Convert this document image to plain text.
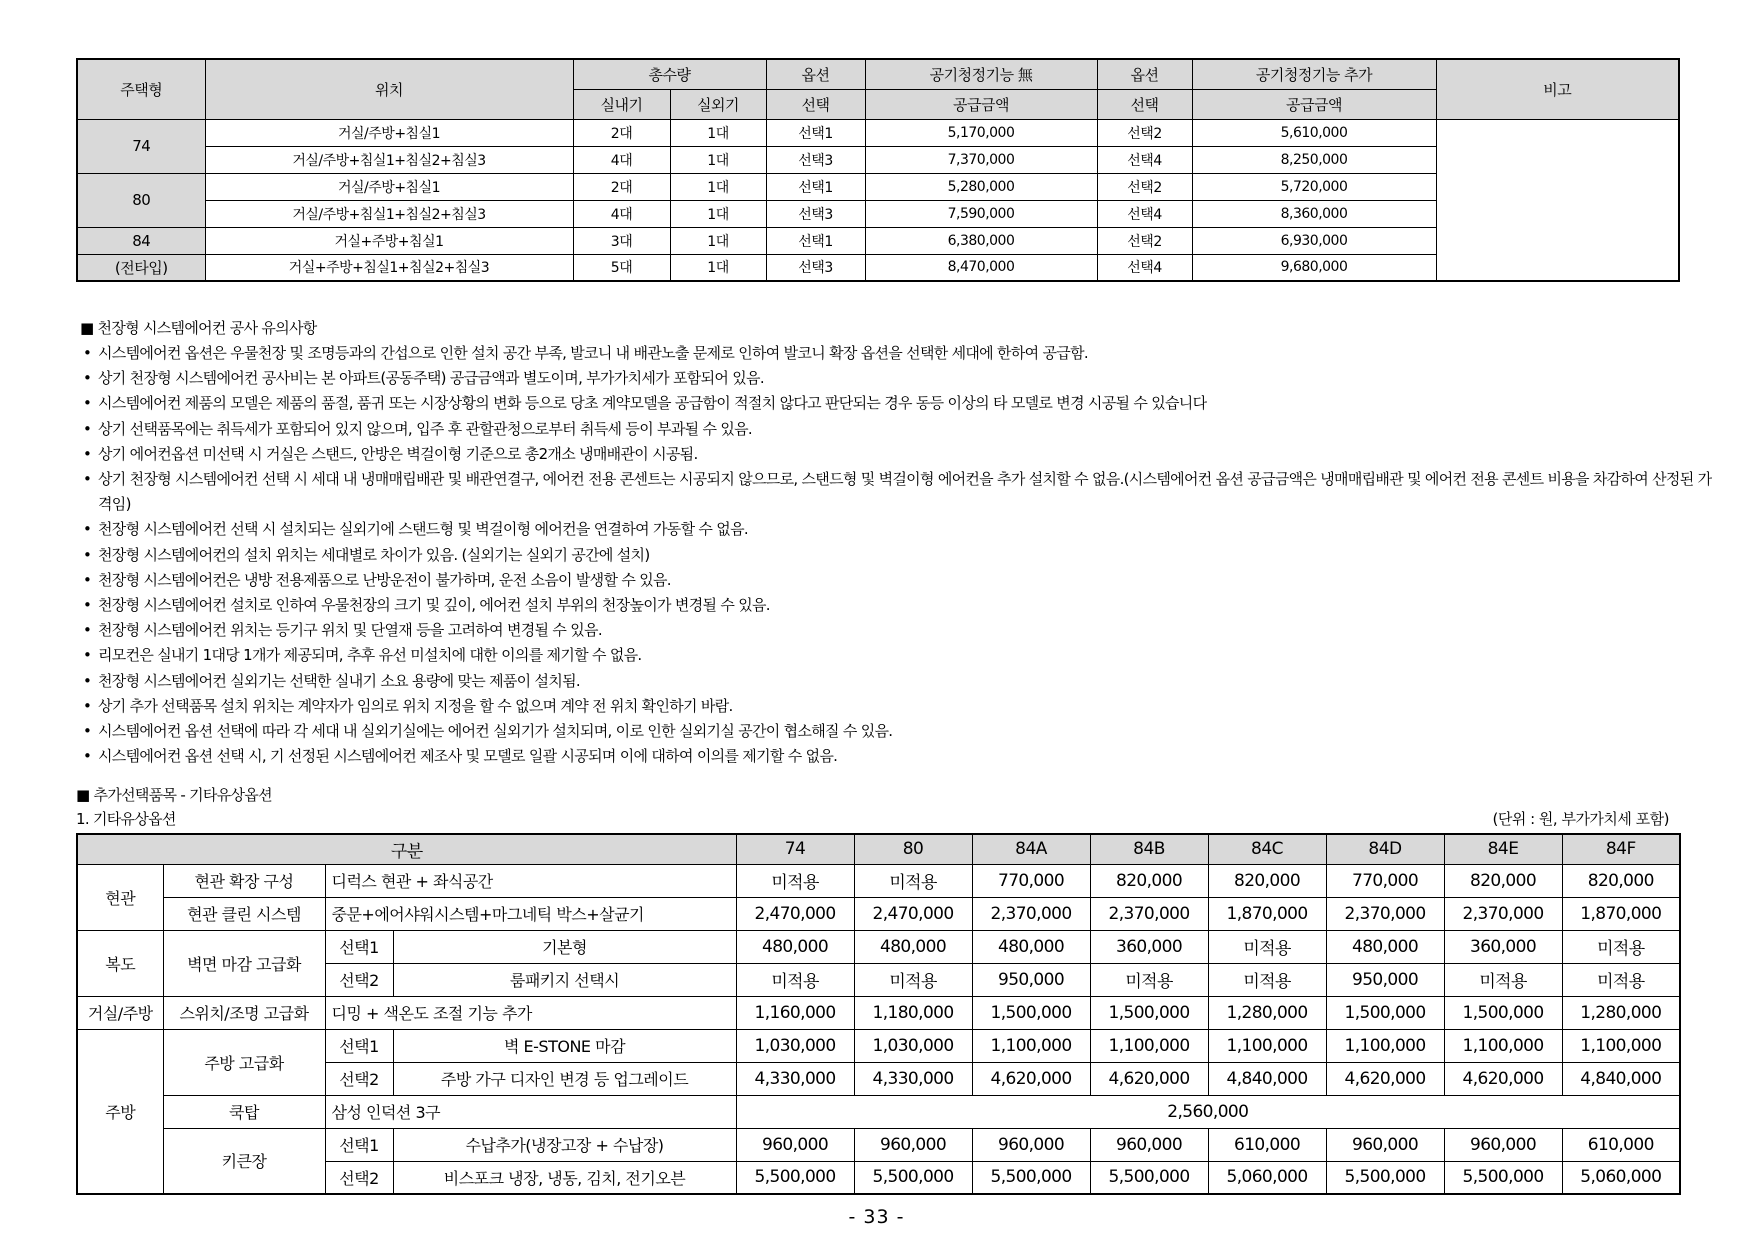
주택형	위치	총수량		옵션	공기청정기능 無	옵션	공기청정기능 추가	비고
		실내기	실외기	선택	공급금액	선택	공급금액	
74	거실/주방+침실1	2대	1대	선택1	5,170,000	선택2	5,610,000	
	거실/주방+침실1+침실2+침실3	4대	1대	선택3	7,370,000	선택4	8,250,000	
80	거실/주방+침실1	2대	1대	선택1	5,280,000	선택2	5,720,000	
	거실/주방+침실1+침실2+침실3	4대	1대	선택3	7,590,000	선택4	8,360,000	
84	거실+주방+침실1	3대	1대	선택1	6,380,000	선택2	6,930,000	
(전타입)	거실+주방+침실1+침실2+침실3	5대	1대	선택3	8,470,000	선택4	9,680,000	
■ 천장형 시스템에어컨 공사 유의사항
• 시스템에어컨 옵션은 우물천장 및 조명등과의 간섭으로 인한 설치 공간 부족, 발코니 내 배관노출 문제로 인하여 발코니 확장 옵션을 선택한 세대에 한하여 공급함.
• 상기 천장형 시스템에어컨 공사비는 본 아파트(공동주택) 공급금액과 별도이며, 부가가치세가 포함되어 있음.
• 시스템에어컨 제품의 모델은 제품의 품절, 품귀 또는 시장상황의 변화 등으로 당초 계약모델을 공급함이 적절치 않다고 판단되는 경우 동등 이상의 타 모델로 변경 시공될 수 있습니다
• 상기 선택품목에는 취득세가 포함되어 있지 않으며, 입주 후 관할관청으로부터 취득세 등이 부과될 수 있음.
• 상기 에어컨옵션 미선택 시 거실은 스탠드, 안방은 벽걸이형 기준으로 총2개소 냉매배관이 시공됨.
• 상기 천장형 시스템에어컨 선택 시 세대 내 냉매매립배관 및 배관연결구, 에어컨 전용 콘센트는 시공되지 않으므로, 스탠드형 및 벽걸이형 에어컨을 추가 설치할 수 없음.(시스템에어컨 옵션 공급금액은 냉매매립배관 및 에어컨 전용 콘센트 비용을 차감하여 산정된 가격임)
• 천장형 시스템에어컨 선택 시 설치되는 실외기에 스탠드형 및 벽걸이형 에어컨을 연결하여 가동할 수 없음.
• 천장형 시스템에어컨의 설치 위치는 세대별로 차이가 있음. (실외기는 실외기 공간에 설치)
• 천장형 시스템에어컨은 냉방 전용제품으로 난방운전이 불가하며, 운전 소음이 발생할 수 있음.
• 천장형 시스템에어컨 설치로 인하여 우물천장의 크기 및 깊이, 에어컨 설치 부위의 천장높이가 변경될 수 있음.
• 천장형 시스템에어컨 위치는 등기구 위치 및 단열재 등을 고려하여 변경될 수 있음.
• 리모컨은 실내기 1대당 1개가 제공되며, 추후 유선 미설치에 대한 이의를 제기할 수 없음.
• 천장형 시스템에어컨 실외기는 선택한 실내기 소요 용량에 맞는 제품이 설치됨.
• 상기 추가 선택품목 설치 위치는 계약자가 임의로 위치 지정을 할 수 없으며 계약 전 위치 확인하기 바람.
• 시스템에어컨 옵션 선택에 따라 각 세대 내 실외기실에는 에어컨 실외기가 설치되며, 이로 인한 실외기실 공간이 협소해질 수 있음.
• 시스템에어컨 옵션 선택 시, 기 선정된 시스템에어컨 제조사 및 모델로 일괄 시공되며 이에 대하여 이의를 제기할 수 없음.
■ 추가선택품목 - 기타유상옵션
1. 기타유상옵션	(단위 : 원, 부가가치세 포함)
구분				74	80	84A	84B	84C	84D	84E	84F
현관	현관 확장 구성	디럭스 현관 + 좌식공간		미적용	미적용	770,000	820,000	820,000	770,000	820,000	820,000
	현관 클린 시스템	중문+에어샤워시스템+마그네틱 박스+살균기		2,470,000	2,470,000	2,370,000	2,370,000	1,870,000	2,370,000	2,370,000	1,870,000
복도	벽면 마감 고급화	선택1	기본형	480,000	480,000	480,000	360,000	미적용	480,000	360,000	미적용
		선택2	룸패키지 선택시	미적용	미적용	950,000	미적용	미적용	950,000	미적용	미적용
거실/주방	스위치/조명 고급화	디밍 + 색온도 조절 기능 추가		1,160,000	1,180,000	1,500,000	1,500,000	1,280,000	1,500,000	1,500,000	1,280,000
주방	주방 고급화	선택1	벽 E-STONE 마감	1,030,000	1,030,000	1,100,000	1,100,000	1,100,000	1,100,000	1,100,000	1,100,000
		선택2	주방 가구 디자인 변경 등 업그레이드	4,330,000	4,330,000	4,620,000	4,620,000	4,840,000	4,620,000	4,620,000	4,840,000
	쿡탑	삼성 인덕션 3구		2,560,000							
	키큰장	선택1	수납추가(냉장고장 + 수납장)	960,000	960,000	960,000	960,000	610,000	960,000	960,000	610,000
		선택2	비스포크 냉장, 냉동, 김치, 전기오븐	5,500,000	5,500,000	5,500,000	5,500,000	5,060,000	5,500,000	5,500,000	5,060,000
- 33 -
